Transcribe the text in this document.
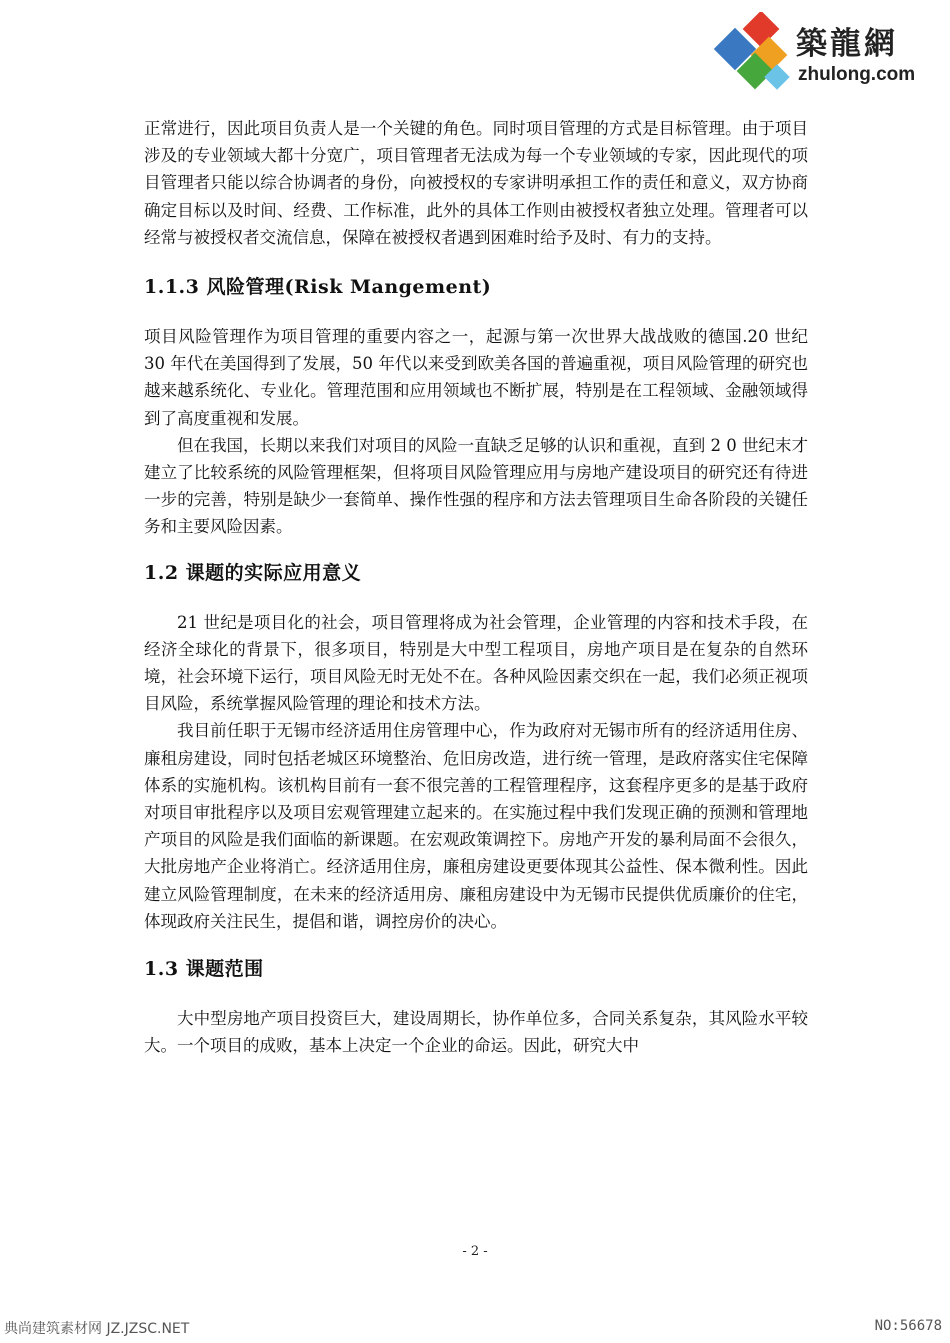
築龍網
zhulong.com

正常进行，因此项目负责人是一个关键的角色。同时项目管理的方式是目标管理。由于项目涉及的专业领域大都十分宽广，项目管理者无法成为每一个专业领域的专家，因此现代的项目管理者只能以综合协调者的身份，向被授权的专家讲明承担工作的责任和意义，双方协商确定目标以及时间、经费、工作标准，此外的具体工作则由被授权者独立处理。管理者可以经常与被授权者交流信息，保障在被授权者遇到困难时给予及时、有力的支持。

1.1.3 风险管理(Risk Mangement)

项目风险管理作为项目管理的重要内容之一，起源与第一次世界大战战败的德国.20 世纪 30 年代在美国得到了发展，50 年代以来受到欧美各国的普遍重视，项目风险管理的研究也越来越系统化、专业化。管理范围和应用领域也不断扩展，特别是在工程领域、金融领域得到了高度重视和发展。

但在我国，长期以来我们对项目的风险一直缺乏足够的认识和重视，直到 2 0 世纪末才建立了比较系统的风险管理框架，但将项目风险管理应用与房地产建设项目的研究还有待进一步的完善，特别是缺少一套简单、操作性强的程序和方法去管理项目生命各阶段的关键任务和主要风险因素。

1.2 课题的实际应用意义

21 世纪是项目化的社会，项目管理将成为社会管理，企业管理的内容和技术手段，在经济全球化的背景下，很多项目，特别是大中型工程项目，房地产项目是在复杂的自然环境，社会环境下运行，项目风险无时无处不在。各种风险因素交织在一起，我们必须正视项目风险，系统掌握风险管理的理论和技术方法。

我目前任职于无锡市经济适用住房管理中心，作为政府对无锡市所有的经济适用住房、廉租房建设，同时包括老城区环境整治、危旧房改造，进行统一管理，是政府落实住宅保障体系的实施机构。该机构目前有一套不很完善的工程管理程序，这套程序更多的是基于政府对项目审批程序以及项目宏观管理建立起来的。在实施过程中我们发现正确的预测和管理地产项目的风险是我们面临的新课题。在宏观政策调控下。房地产开发的暴利局面不会很久，大批房地产企业将消亡。经济适用住房，廉租房建设更要体现其公益性、保本微利性。因此建立风险管理制度，在未来的经济适用房、廉租房建设中为无锡市民提供优质廉价的住宅，体现政府关注民生，提倡和谐，调控房价的决心。

1.3 课题范围

大中型房地产项目投资巨大，建设周期长，协作单位多，合同关系复杂，其风险水平较大。一个项目的成败，基本上决定一个企业的命运。因此，研究大中

- 2 -
典尚建筑素材网 JZ.JZSC.NET	NO:56678
